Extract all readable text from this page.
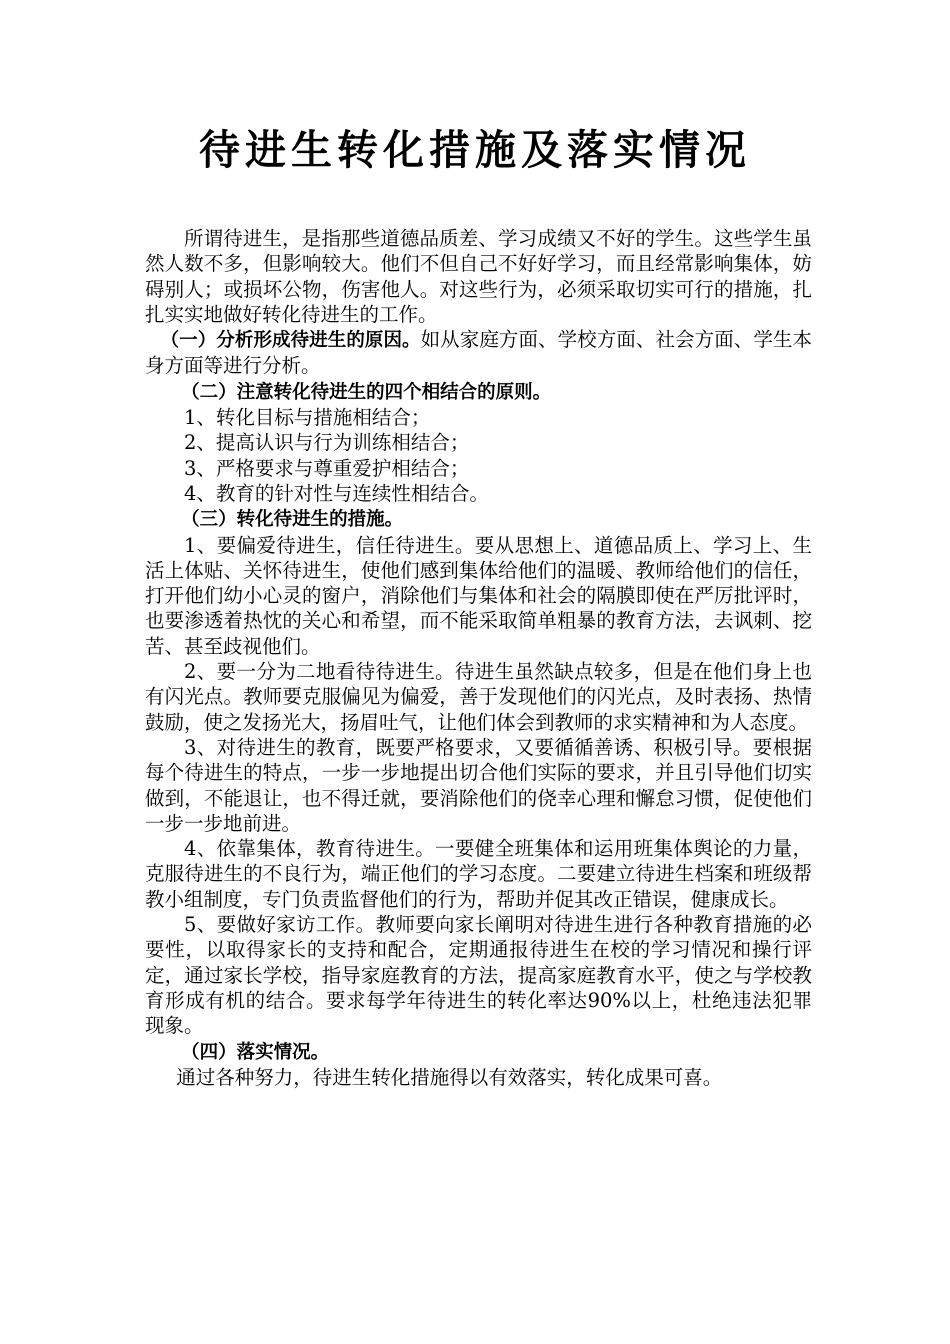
待进生转化措施及落实情况

所谓待进生，是指那些道德品质差、学习成绩又不好的学生。这些学生虽然人数不多，但影响较大。他们不但自己不好好学习，而且经常影响集体，妨碍别人；或损坏公物，伤害他人。对这些行为，必须采取切实可行的措施，扎扎实实地做好转化待进生的工作。

（一）分析形成待进生的原因。如从家庭方面、学校方面、社会方面、学生本身方面等进行分析。

（二）注意转化待进生的四个相结合的原则。

1、转化目标与措施相结合；

2、提高认识与行为训练相结合；

3、严格要求与尊重爱护相结合；

4、教育的针对性与连续性相结合。

（三）转化待进生的措施。

1、要偏爱待进生，信任待进生。要从思想上、道德品质上、学习上、生活上体贴、关怀待进生，使他们感到集体给他们的温暖、教师给他们的信任，打开他们幼小心灵的窗户，消除他们与集体和社会的隔膜即使在严厉批评时，也要渗透着热忱的关心和希望，而不能采取简单粗暴的教育方法，去讽刺、挖苦、甚至歧视他们。

2、要一分为二地看待待进生。待进生虽然缺点较多，但是在他们身上也有闪光点。教师要克服偏见为偏爱，善于发现他们的闪光点，及时表扬、热情鼓励，使之发扬光大，扬眉吐气，让他们体会到教师的求实精神和为人态度。

3、对待进生的教育，既要严格要求，又要循循善诱、积极引导。要根据每个待进生的特点，一步一步地提出切合他们实际的要求，并且引导他们切实做到，不能退让，也不得迁就，要消除他们的侥幸心理和懈怠习惯，促使他们一步一步地前进。

4、依靠集体，教育待进生。一要健全班集体和运用班集体舆论的力量，克服待进生的不良行为，端正他们的学习态度。二要建立待进生档案和班级帮教小组制度，专门负责监督他们的行为，帮助并促其改正错误，健康成长。

5、要做好家访工作。教师要向家长阐明对待进生进行各种教育措施的必要性，以取得家长的支持和配合，定期通报待进生在校的学习情况和操行评定，通过家长学校，指导家庭教育的方法，提高家庭教育水平，使之与学校教育形成有机的结合。要求每学年待进生的转化率达90%以上，杜绝违法犯罪现象。

（四）落实情况。

通过各种努力，待进生转化措施得以有效落实，转化成果可喜。
